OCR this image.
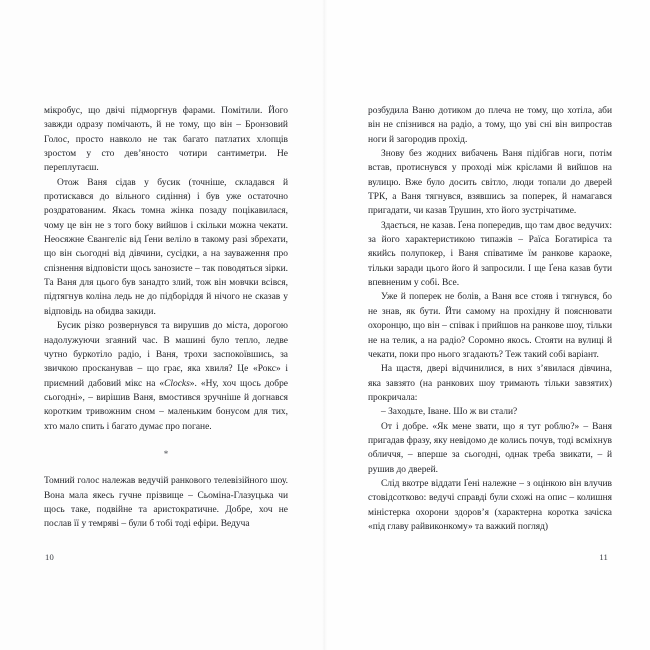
мікробус, що двічі підморгнув фарами. Помітили. Його завжди одразу помічають, й не тому, що він – Бронзовий Голос, просто навколо не так багато патлатих хлопців зростом у сто дев’яносто чотири сантиметри. Не переплутаєш.

Отож Ваня сідав у бусик (точніше, складався й протискався до вільного сидіння) і був уже остаточно роздратованим. Якась томна жінка позаду поцікавилася, чому це він не з того боку вийшов і скільки можна чекати. Неосяжне Євангеліє від Ґени веліло в такому разі збрехати, що він сьогодні від дівчини, сусідки, а на зауваження про спізнення відповісти щось занозисте – так поводяться зірки. Та Ваня для цього був занадто злий, тож він мовчки всівся, підтягнув коліна ледь не до підборіддя й нічого не сказав у відповідь на обидва закиди.

Бусик різко розвернувся та вирушив до міста, дорогою надолужуючи згаяний час. В машині було тепло, ледве чутно буркотіло радіо, і Ваня, трохи заспокоївшись, за звичкою просканував – що грає, яка хвиля? Це «Рокс» і приємний дабовий мікс на «Clocks». «Ну, хоч щось добре сьогодні», – вирішив Ваня, вмостився зручніше й догнався коротким тривожним сном – маленьким бонусом для тих, хто мало спить і багато думає про погане.

*

Томний голос належав ведучій ранкового телевізійного шоу. Вона мала якесь гучне прізвище – Сьоміна-Глазуцька чи щось таке, подвійне та аристократичне. Добре, хоч не послав її у темряві – були б тобі тоді ефіри. Ведуча

10

розбудила Ваню дотиком до плеча не тому, що хотіла, аби він не спізнився на радіо, а тому, що уві сні він випростав ноги й загородив прохід.

Знову без жодних вибачень Ваня підібгав ноги, потім встав, протиснувся у проході між кріслами й вийшов на вулицю. Вже було досить світло, люди топали до дверей ТРК, а Ваня тягнувся, взявшись за поперек, й намагався пригадати, чи казав Трушин, хто його зустрічатиме.

Здається, не казав. Ґена попередив, що там двоє ведучих: за його характеристикою типажів – Раїса Богатиріса та якийсь полупокер, і Ваня співатиме їм ранкове караоке, тільки заради цього його й запросили. І ще Ґена казав бути впевненим у собі. Все.

Уже й поперек не болів, а Ваня все стояв і тягнувся, бо не знав, як бути. Йти самому на прохідну й пояснювати охоронцю, що він – співак і прийшов на ранкове шоу, тільки не на телик, а на радіо? Соромно якось. Стояти на вулиці й чекати, поки про нього згадають? Теж такий собі варіант.

На щастя, двері відчинилися, в них з’явилася дівчина, яка завзято (на ранкових шоу тримають тільки завзятих) прокричала:

– Заходьте, Іване. Шо ж ви стали?

От і добре. «Як мене звати, що я тут роблю?» – Ваня пригадав фразу, яку невідомо де колись почув, тоді всміхнув обличчя, – вперше за сьогодні, однак треба звикати, – й рушив до дверей.

Слід вкотре віддати Ґені належне – з оцінкою він влучив стовідсотково: ведучі справді були схожі на опис – колишня міністерка охорони здоров’я (характерна коротка зачіска «під главу райвиконкому» та важкий погляд)

11
